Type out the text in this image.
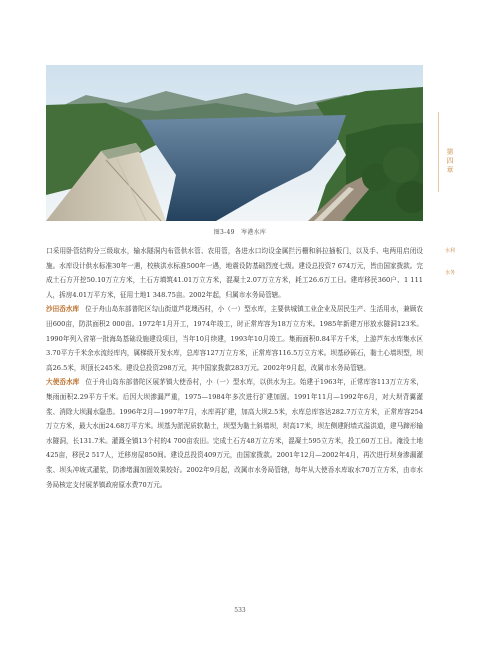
图3-49　岑港水库
第四章
水利
水务

口采用卧管结构分三级取水，输水隧洞内布管供水管、农用管，各进水口均设金属拦污栅和斜拉插板门，以及手、电两用启闭设施。水库设计供水标准30年一遇，校核洪水标准500年一遇，地震设防基础烈度七级。建设总投资7 674万元，皆由国家拨款。完成土石方开挖50.10万立方米，土石方填筑41.01万立方米，混凝土2.07万立方米，耗工26.6万工日。建库移民360户、1 111人，拆房4.01万平方米，征用土地1 348.75亩。2002年起，归属市水务局管辖。

沙田岙水库 位于舟山岛东部普陀区勾山街道芦花墺西村，小（一）型水库，主要供城镇工业企业及居民生产、生活用水，兼顾农田600亩，防洪面积2 000亩。1972年1月开工，1974年竣工，时正常库容为18万立方米。1985年新建万形放水隧洞123米。1990年列入省第一批海岛基础设施建设项目，当年10月续建，1993年10月竣工。集雨面积0.84平方千米，上游芦东水库集水区3.70平方千米余水流经库内，属梯级开发水库，总库容127万立方米，正常库容116.5万立方米。坝基砂砾石，黏土心墙坝型，坝高26.5米，坝顶长245米。建设总投资298万元，其中国家拨款283万元。2002年9月起，改属市水务局管辖。

大使岙水库 位于舟山岛东部普陀区展茅镇大使岙村，小（一）型水库，以供水为主。始建于1963年，正常库容113万立方米，集雨面积2.29平方千米。后因大坝渗漏严重，1975—1984年多次进行扩建加固。1991年11月—1992年6月，对大坝背翼灌浆、消除大坝漏水隐患。1996年2月—1997年7月，水库再扩建，加高大坝2.5米，水库总库容达282.7万立方米，正常库容254万立方米，最大水面24.68万平方米。坝基为淤泥质软黏土，坝型为黏土斜墙坝，坝高17米，坝左侧建附墙式溢洪道，建马蹄形输水隧洞，长131.7米。灌溉全镇13个村的4 700亩农田。完成土石方48万立方米，混凝土595立方米，投工60万工日。淹没土地425亩，移民2 517人，迁移房屋850间。建设总投资409万元，由国家拨款。2001年12月—2002年4月，再次进行坝身渗漏灌浆、坝头冲坡式灌浆，防渗堵漏加固效果较好。2002年9月起，改属市水务局管辖，每年从大使岙水库取水70万立方米，由市水务局核定支付展茅镇政府原水费70万元。

533
